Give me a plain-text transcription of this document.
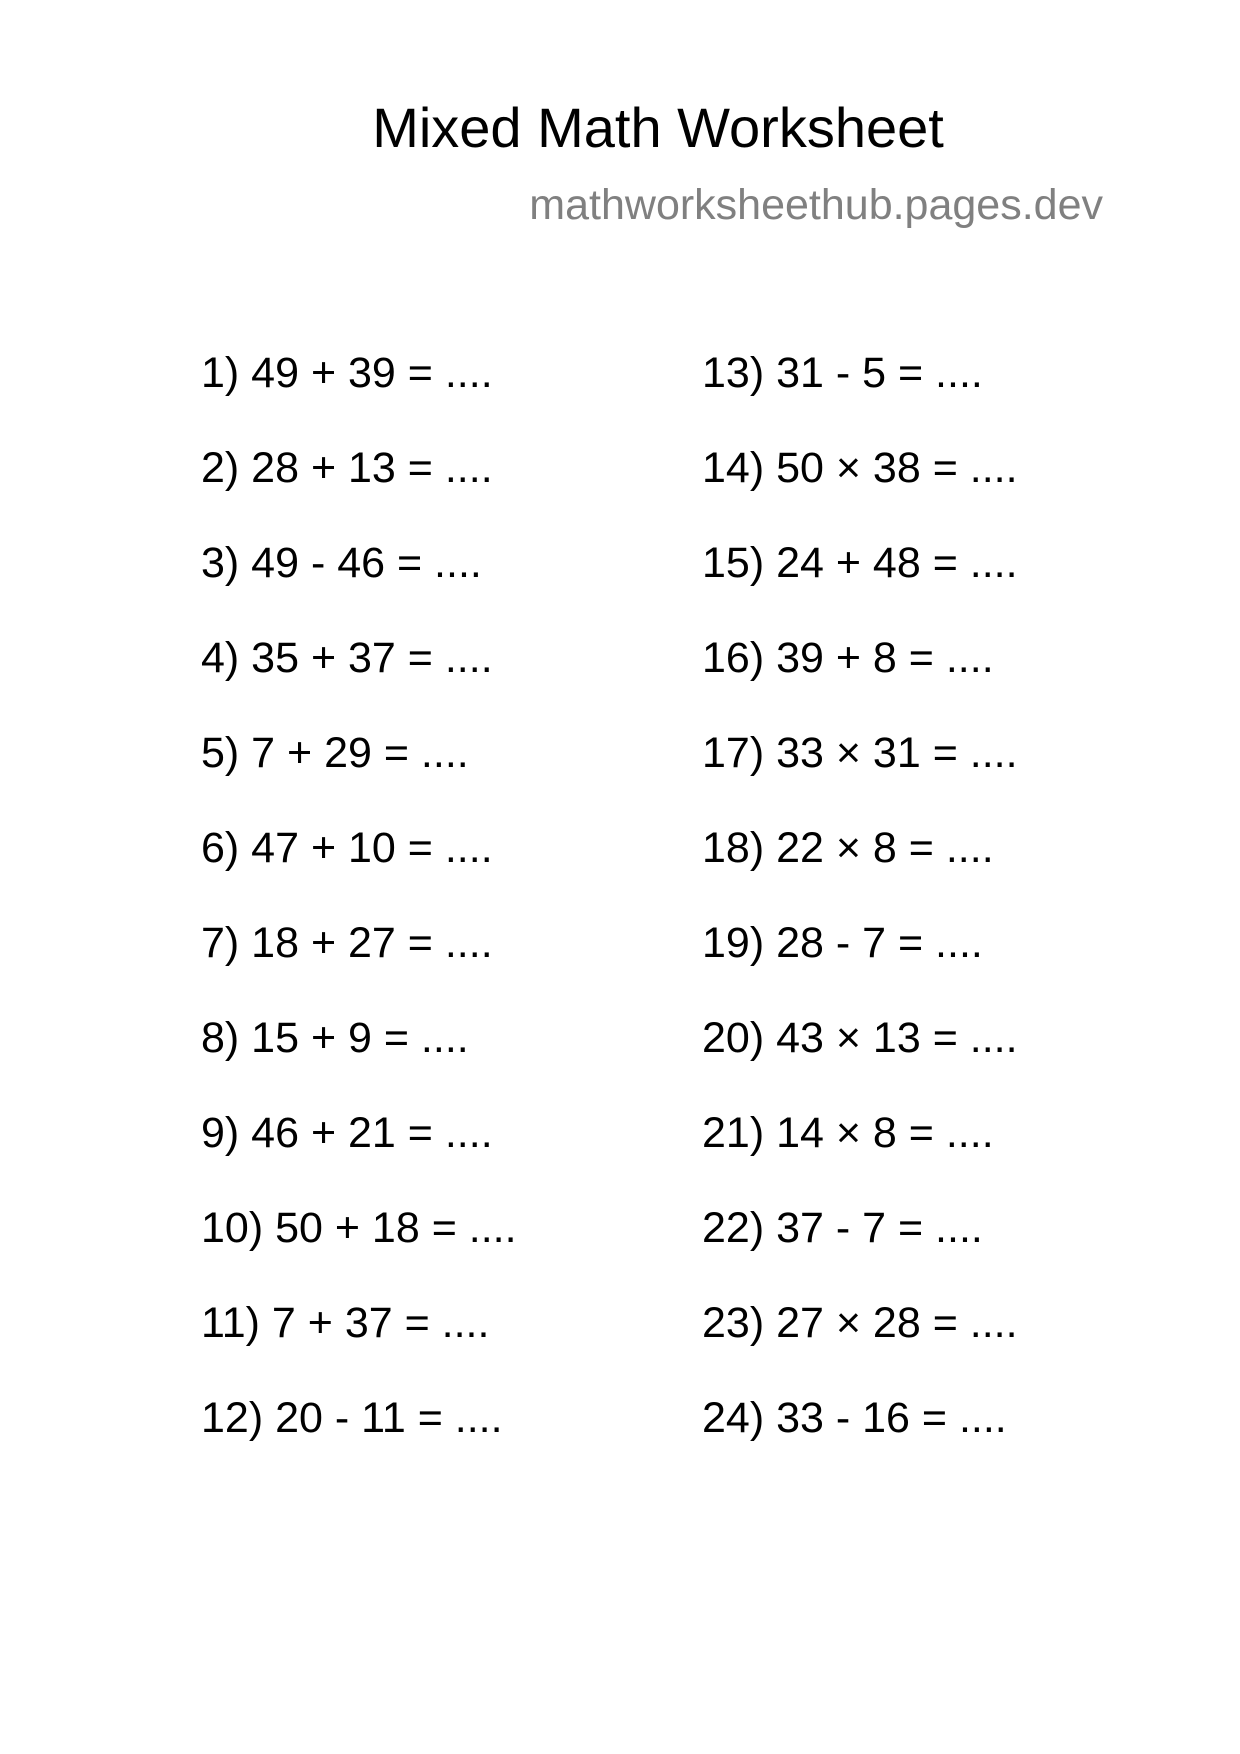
Mixed Math Worksheet
mathworksheethub.pages.dev
1) 49 + 39 = ....
2) 28 + 13 = ....
3) 49 - 46 = ....
4) 35 + 37 = ....
5) 7 + 29 = ....
6) 47 + 10 = ....
7) 18 + 27 = ....
8) 15 + 9 = ....
9) 46 + 21 = ....
10) 50 + 18 = ....
11) 7 + 37 = ....
12) 20 - 11 = ....
13) 31 - 5 = ....
14) 50 × 38 = ....
15) 24 + 48 = ....
16) 39 + 8 = ....
17) 33 × 31 = ....
18) 22 × 8 = ....
19) 28 - 7 = ....
20) 43 × 13 = ....
21) 14 × 8 = ....
22) 37 - 7 = ....
23) 27 × 28 = ....
24) 33 - 16 = ....
